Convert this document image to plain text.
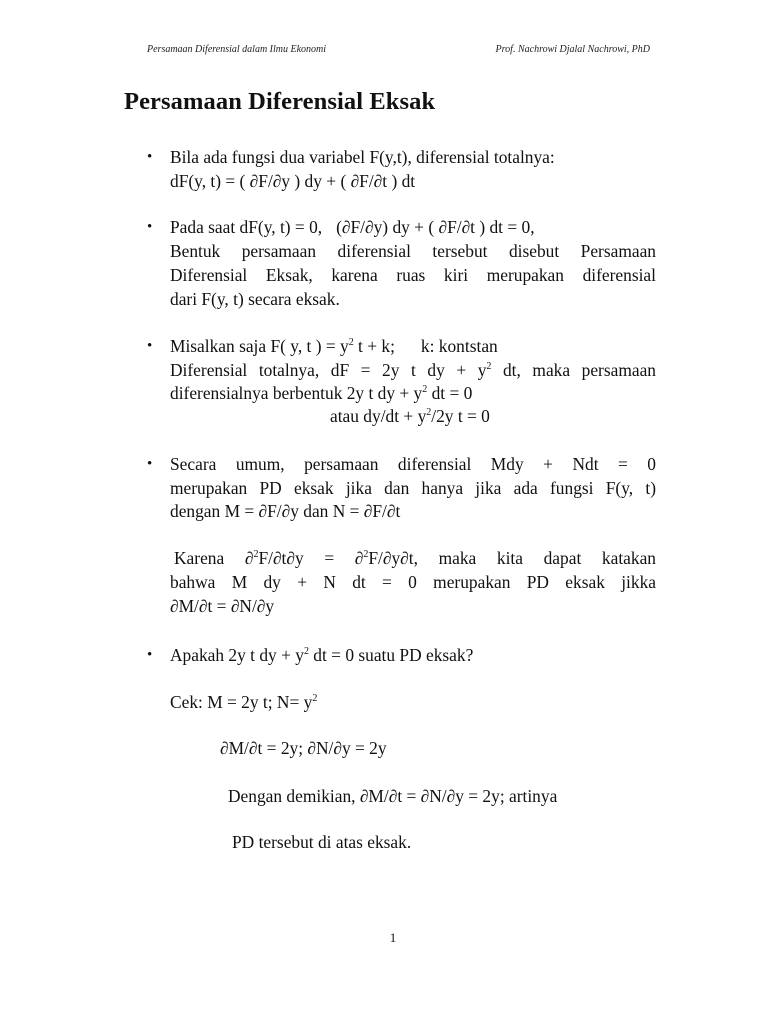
Persamaan Diferensial dalam Ilmu Ekonomi	Prof. Nachrowi Djalal Nachrowi, PhD
Persamaan Diferensial Eksak
• Bila ada fungsi dua variabel F(y,t), diferensial totalnya:
dF(y, t) = ( ∂F/∂y ) dy + ( ∂F/∂t ) dt
• Pada saat dF(y, t) = 0, (∂F/∂y) dy + ( ∂F/∂t ) dt = 0,
Bentuk persamaan diferensial tersebut disebut Persamaan
Diferensial Eksak, karena ruas kiri merupakan diferensial
dari F(y, t) secara eksak.
• Misalkan saja F( y, t ) = $y^2$ t + k; k: kontstan
Diferensial totalnya, dF = 2y t dy + $y^2$ dt, maka persamaan
diferensialnya berbentuk 2y t dy + $y^2$ dt = 0
atau $dy/dt + y^2/2y$ t = 0
• Secara umum, persamaan diferensial Mdy + Ndt = 0
merupakan PD eksak jika dan hanya jika ada fungsi F(y, t)
dengan M = ∂F/∂y dan N = ∂F/∂t
Karena ∂$^2$F/∂t∂y = ∂$^2$F/∂y∂t, maka kita dapat katakan
bahwa M dy + N dt = 0 merupakan PD eksak jikka
∂M/∂t = ∂N/∂y
• Apakah 2y t dy + $y^2$ dt = 0 suatu PD eksak?
Cek: M = 2y t; $N= y^2$
∂M/∂t = 2y; ∂N/∂y = 2y
Dengan demikian, ∂M/∂t = ∂N/∂y = 2y; artinya
PD tersebut di atas eksak.
1
